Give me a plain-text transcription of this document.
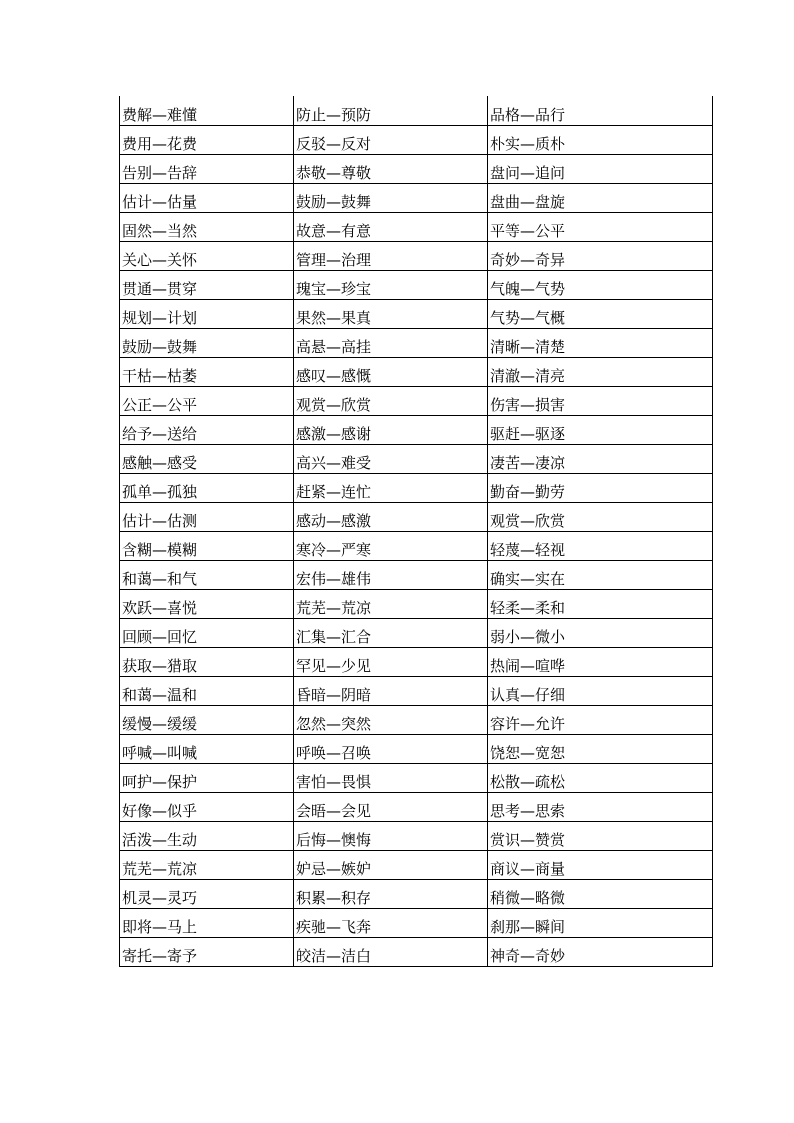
费解—难懂	防止—预防	品格—品行
费用—花费	反驳—反对	朴实—质朴
告别—告辞	恭敬—尊敬	盘问—追问
估计—估量	鼓励—鼓舞	盘曲—盘旋
固然—当然	故意—有意	平等—公平
关心—关怀	管理—治理	奇妙—奇异
贯通—贯穿	瑰宝—珍宝	气魄—气势
规划—计划	果然—果真	气势—气概
鼓励—鼓舞	高悬—高挂	清晰—清楚
干枯—枯萎	感叹—感慨	清澈—清亮
公正—公平	观赏—欣赏	伤害—损害
给予—送给	感激—感谢	驱赶—驱逐
感触—感受	高兴—难受	凄苦—凄凉
孤单—孤独	赶紧—连忙	勤奋—勤劳
估计—估测	感动—感激	观赏—欣赏
含糊—模糊	寒冷—严寒	轻蔑—轻视
和蔼—和气	宏伟—雄伟	确实—实在
欢跃—喜悦	荒芜—荒凉	轻柔—柔和
回顾—回忆	汇集—汇合	弱小—微小
获取—猎取	罕见—少见	热闹—喧哗
和蔼—温和	昏暗—阴暗	认真—仔细
缓慢—缓缓	忽然—突然	容许—允许
呼喊—叫喊	呼唤—召唤	饶恕—宽恕
呵护—保护	害怕—畏惧	松散—疏松
好像—似乎	会晤—会见	思考—思索
活泼—生动	后悔—懊悔	赏识—赞赏
荒芜—荒凉	妒忌—嫉妒	商议—商量
机灵—灵巧	积累—积存	稍微—略微
即将—马上	疾驰—飞奔	刹那—瞬间
寄托—寄予	皎洁—洁白	神奇—奇妙
